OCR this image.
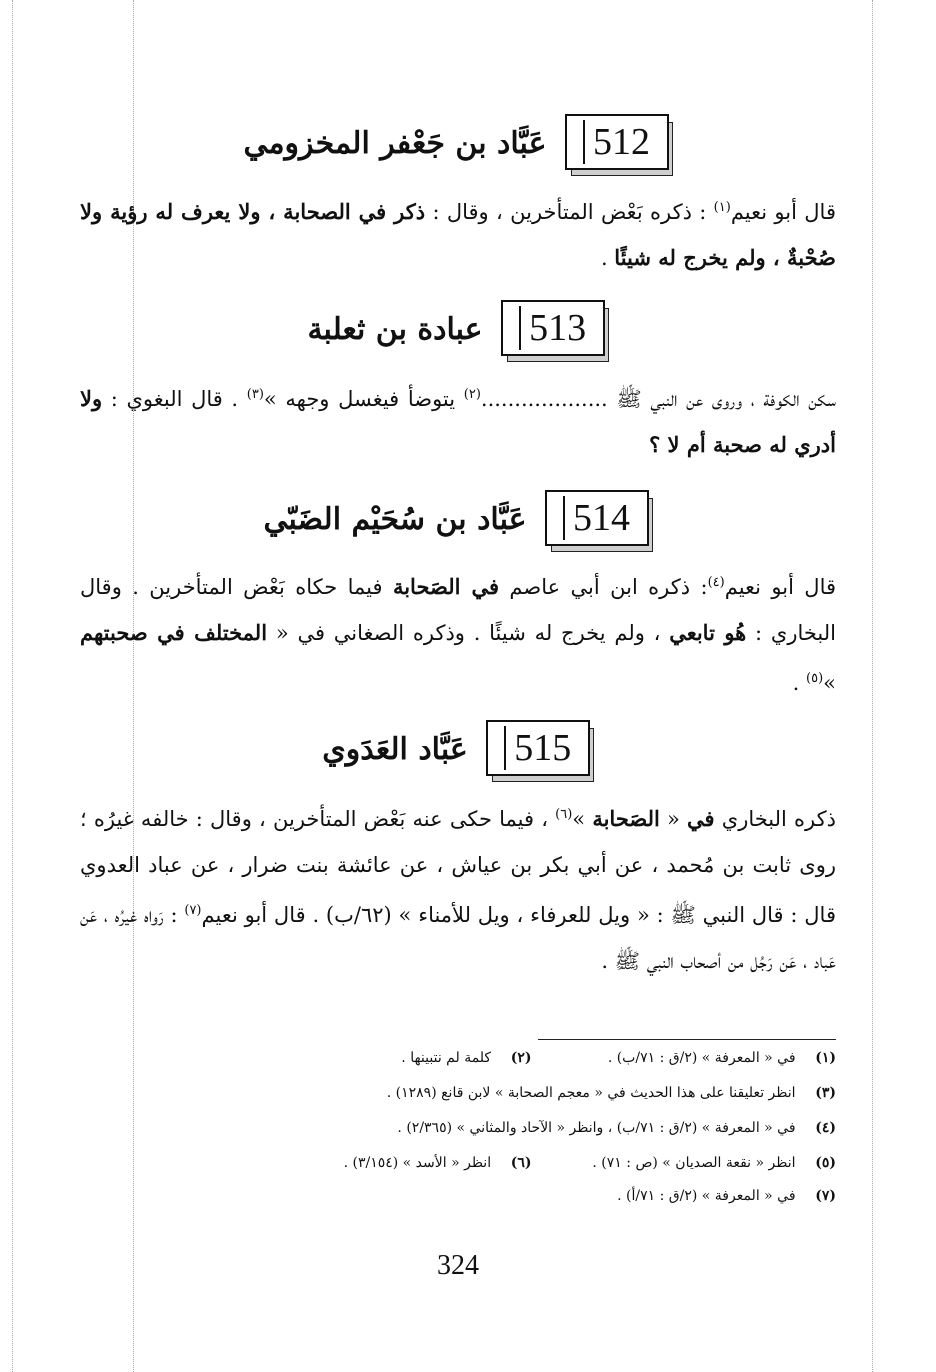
512
عَبَّاد بن جَعْفر المخزومي

قال أبو نعيم$^{(١)}$ : ذكره بَعْض المتأخرين ، وقال : ذكر في الصحابة ، ولا يعرف له رؤية ولا صُحْبةٌ ، ولم يخرج له شيئًا .

513
عبادة بن ثعلبة

سكن الكوفة ، وروى عن النبي ﷺ ...................$^{(٢)}$ يتوضأ فيغسل وجهه »$^{(٣)}$ . قال البغوي : ولا أدري له صحبة أم لا ؟

514
عَبَّاد بن سُحَيْم الضَبّي

قال أبو نعيم$^{(٤)}$: ذكره ابن أبي عاصم في الصَحابة فيما حكاه بَعْض المتأخرين . وقال البخاري : هُو تابعي ، ولم يخرج له شيئًا . وذكره الصغاني في « المختلف في صحبتهم »$^{(٥)}$ .

515
عَبَّاد العَدَوي

ذكره البخاري في « الصَحابة »$^{(٦)}$ ، فيما حكى عنه بَعْض المتأخرين ، وقال : خالفه غيرُه ؛ روى ثابت بن مُحمد ، عن أبي بكر بن عياش ، عن عائشة بنت ضرار ، عن عباد العدوي قال : قال النبي ﷺ : « ويل للعرفاء ، ويل للأمناء » (٦٢/ب) . قال أبو نعيم$^{(٧)}$ : رَواه غيرُه ، عَن عَباد ، عَن رَجُل من أصحاب النبي ﷺ .

(١) في « المعرفة » (٢/ق : ٧١/ب) . (٢) كلمة لم نتبينها .
(٣) انظر تعليقنا على هذا الحديث في « معجم الصحابة » لابن قانع (١٢٨٩) .
(٤) في « المعرفة » (٢/ق : ٧١/ب) ، وانظر « الآحاد والمثاني » (٢/٣٦٥) .
(٥) انظر « نقعة الصديان » (ص : ٧١) . (٦) انظر « الأسد » (٣/١٥٤) .
(٧) في « المعرفة » (٢/ق : ٧١/أ) .
324
